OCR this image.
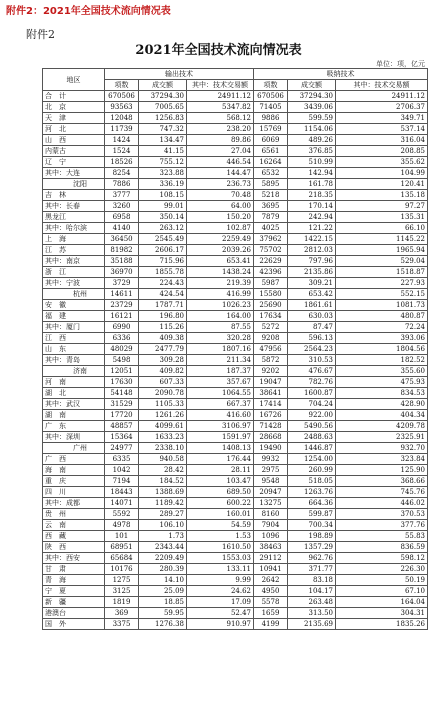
附件2：2021年全国技术流向情况表
附件2
2021年全国技术流向情况表
单位：项，亿元
地区	输出技术			吸纳技术		
	项数	成交额	其中：技术交易额	项数	成交额	其中：技术交易额
合　计	670506	37294.30	24911.12	670506	37294.30	24911.12
北　京	93563	7005.65	5347.82	71405	3439.06	2706.37
天　津	12048	1256.83	568.12	9886	599.59	349.71
河　北	11739	747.32	238.20	15769	1154.06	537.14
山　西	1424	134.47	89.86	6069	489.26	316.04
内蒙古	1524	41.15	27.04	6561	376.85	208.85
辽　宁	18526	755.12	446.54	16264	510.99	355.62
其中：大连	8254	323.88	144.47	6532	142.94	104.99
沈阳	7886	336.19	236.73	5895	161.78	120.41
吉　林	3777	108.15	70.48	5218	218.35	135.18
其中：长春	3260	99.01	64.00	3695	170.14	97.27
黑龙江	6958	350.14	150.20	7879	242.94	135.31
其中：哈尔滨	4140	263.12	102.87	4025	121.22	66.10
上　海	36450	2545.49	2259.49	37962	1422.15	1145.22
江　苏	81982	2606.17	2039.26	75702	2812.03	1965.94
其中：南京	35188	715.96	653.41	22629	797.96	529.04
浙　江	36970	1855.78	1438.24	42396	2135.86	1518.87
其中：宁波	3729	224.43	219.39	5987	309.21	227.93
杭州	14611	424.54	416.99	15580	653.42	552.15
安　徽	23729	1787.71	1026.23	25690	1861.61	1081.73
福　建	16121	196.80	164.00	17634	630.03	480.87
其中：厦门	6990	115.26	87.55	5272	87.47	72.24
江　西	6336	409.38	320.28	9208	596.13	393.06
山　东	48029	2477.79	1807.16	47956	2564.23	1804.56
其中：青岛	5498	309.28	211.34	5872	310.53	182.52
济南	12051	409.82	187.37	9202	476.67	355.60
河　南	17630	607.33	357.67	19047	782.76	475.93
湖　北	54148	2090.78	1064.55	38641	1600.87	834.53
其中：武汉	31529	1105.33	667.37	17414	704.24	428.90
湖　南	17720	1261.26	416.60	16726	922.00	404.34
广　东	48857	4099.61	3106.97	71428	5490.56	4209.78
其中：深圳	15364	1633.23	1591.97	28668	2488.63	2325.91
广州	24977	2338.10	1408.13	19490	1446.87	932.70
广　西	6335	940.58	176.44	9932	1254.00	323.84
海　南	1042	28.42	28.11	2975	260.99	125.90
重　庆	7194	184.52	103.47	9548	518.05	368.66
四　川	18443	1388.69	689.50	20947	1263.76	745.76
其中：成都	14071	1189.42	600.22	13275	664.36	446.02
贵　州	5592	289.27	160.01	8160	599.87	370.53
云　南	4978	106.10	54.59	7904	700.34	377.76
西　藏	101	1.73	1.53	1096	198.89	55.83
陕　西	68951	2343.44	1610.50	38463	1357.29	836.59
其中：西安	65684	2209.49	1553.03	29112	962.76	598.12
甘　肃	10176	280.39	133.11	10941	371.77	226.30
青　海	1275	14.10	9.99	2642	83.18	50.19
宁　夏	3125	25.09	24.62	4950	104.17	67.10
新　疆	1819	18.85	17.09	5578	263.48	164.04
港澳台	369	59.95	52.47	1659	313.50	304.31
国　外	3375	1276.38	910.97	4199	2135.69	1835.26
